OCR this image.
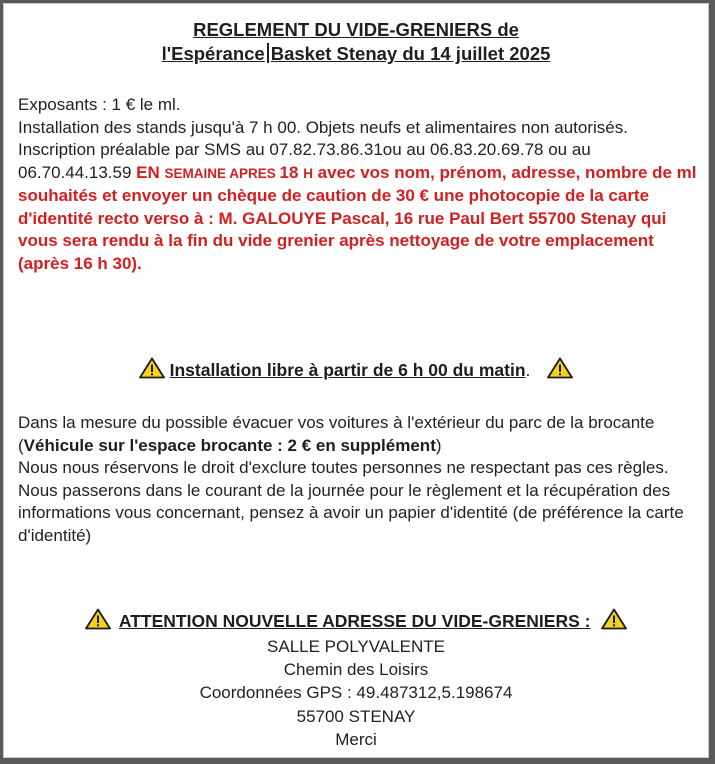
REGLEMENT DU VIDE-GRENIERS de
l'Espérance Basket Stenay du 14 juillet 2025
Exposants : 1 € le ml.
Installation des stands jusqu'à 7 h 00. Objets neufs et alimentaires non autorisés.
Inscription préalable par SMS au 07.82.73.86.31ou au 06.83.20.69.78 ou au 06.70.44.13.59 EN SEMAINE APRES 18 H avec vos nom, prénom, adresse, nombre de ml souhaités et envoyer un chèque de caution de 30 € une photocopie de la carte d'identité recto verso à : M. GALOUYE Pascal, 16 rue Paul Bert 55700 Stenay qui vous sera rendu à la fin du vide grenier après nettoyage de votre emplacement (après 16 h 30).
Installation libre à partir de 6 h 00 du matin.
Dans la mesure du possible évacuer vos voitures à l'extérieur du parc de la brocante (Véhicule sur l'espace brocante : 2 € en supplément)
Nous nous réservons le droit d'exclure toutes personnes ne respectant pas ces règles.
Nous passerons dans le courant de la journée pour le règlement et la récupération des informations vous concernant, pensez à avoir un papier d'identité (de préférence la carte d'identité)
ATTENTION NOUVELLE ADRESSE DU VIDE-GRENIERS :
SALLE POLYVALENTE
Chemin des Loisirs
Coordonnées GPS : 49.487312,5.198674
55700 STENAY
Merci
